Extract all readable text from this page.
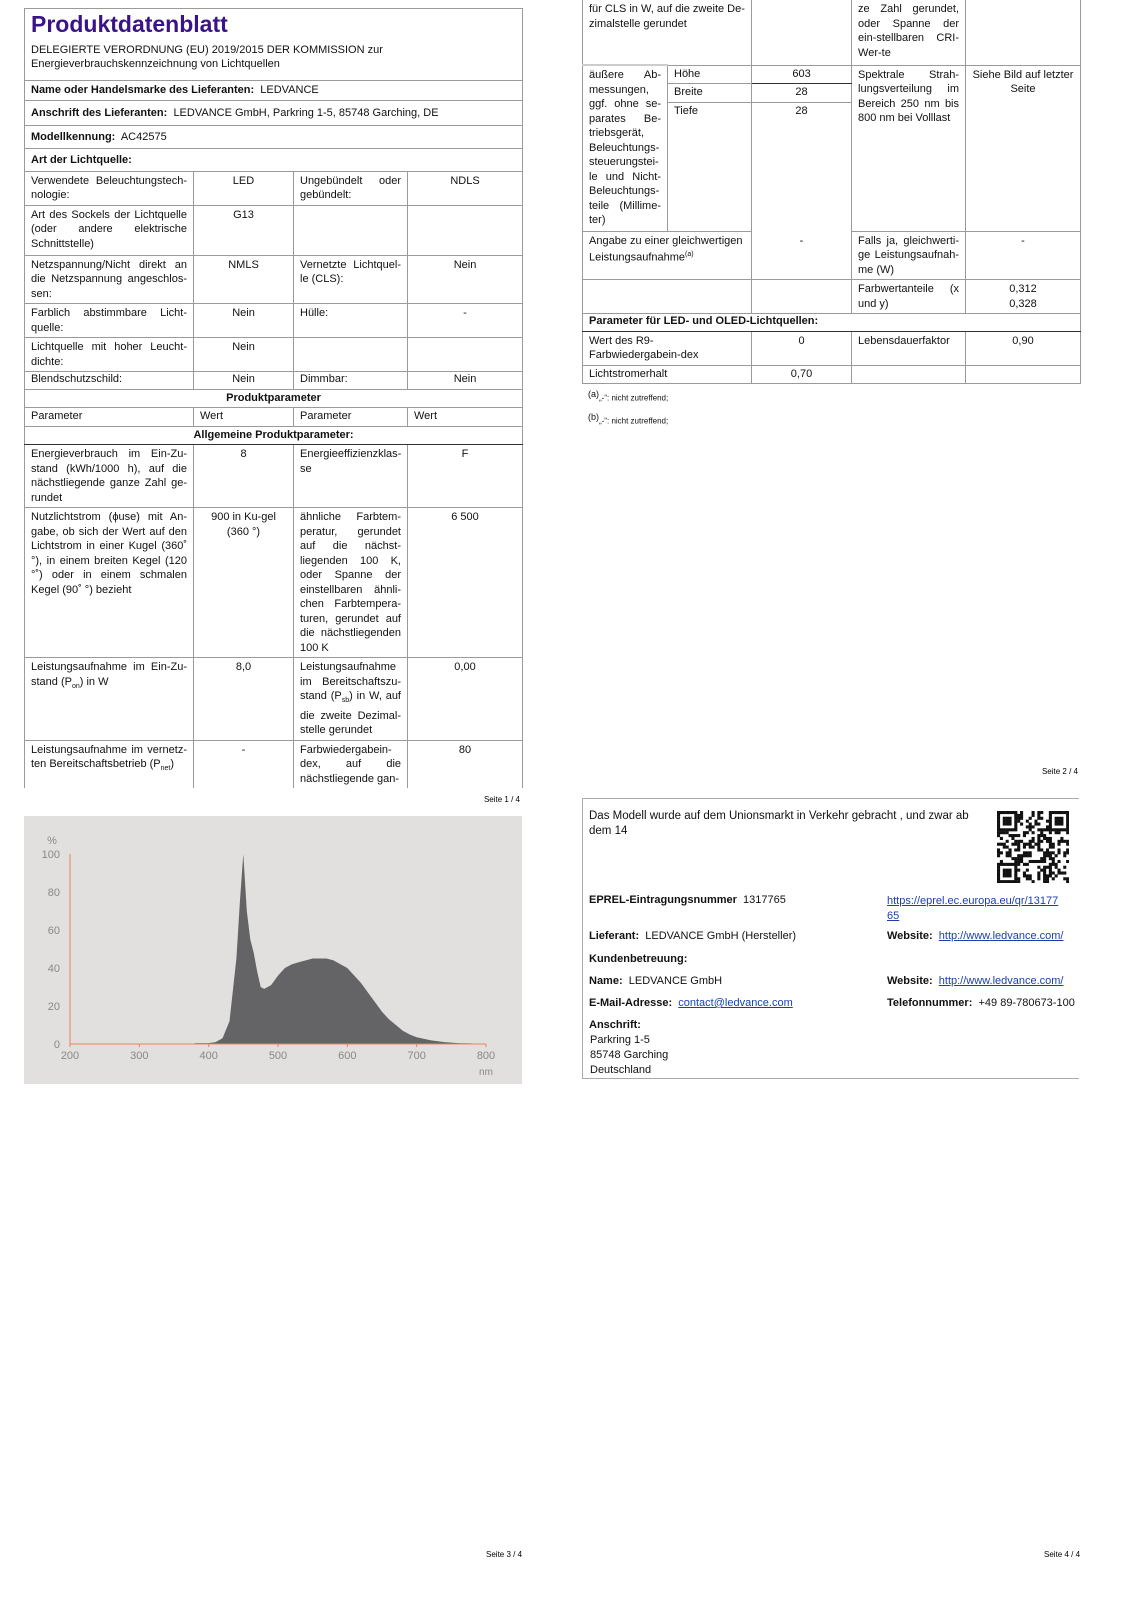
Produktdatenblatt			

DELEGIERTE VERORDNUNG (EU) 2019/2015 DER KOMMISSION zur Energieverbrauchskennzeichnung von Lichtquellen			
Name oder Handelsmarke des Lieferanten: LEDVANCE			
Anschrift des Lieferanten: LEDVANCE GmbH, Parkring 1-5, 85748 Garching, DE			
Modellkennung: AC42575			
Art der Lichtquelle:			
Verwendete Beleuchtungstech-nologie:	LED	Ungebündelt oder gebündelt:	NDLS
Art des Sockels der Lichtquelle (oder andere elektrische Schnittstelle)	G13		
Netzspannung/Nicht direkt an die Netzspannung angeschlos-sen:	NMLS	Vernetzte Lichtquel-le (CLS):	Nein
Farblich abstimmbare Licht-quelle:	Nein	Hülle:	-
Lichtquelle mit hoher Leucht-dichte:	Nein		
Blendschutzschild:	Nein	Dimmbar:	Nein
Produktparameter			
Parameter	Wert	Parameter	Wert
Allgemeine Produktparameter:			
Energieverbrauch im Ein-Zu-stand (kWh/1000 h), auf die nächstliegende ganze Zahl ge-rundet	8	Energieeffizienzklas-se	F
Nutzlichtstrom (ϕuse) mit An-gabe, ob sich der Wert auf den Lichtstrom in einer Kugel (360˚ °), in einem breiten Kegel (120 °˚) oder in einem schmalen Kegel (90˚ °) bezieht	900 in Ku-gel (360 °)	ähnliche Farbtem-peratur, gerundet auf die nächst-liegenden 100 K, oder Spanne der einstellbaren ähnli-chen Farbtempera-turen, gerundet auf die nächstliegenden 100 K	6 500
Leistungsaufnahme im Ein-Zu-stand $(P_{on})$ in W	8,0	Leistungsaufnahme im Bereitschaftszu-stand $(P_{sb})$ in W, auf die zweite Dezimal-stelle gerundet	0,00
Leistungsaufnahme im vernetz-ten Bereitschaftsbetrieb $(P_{net})$	-	Farbwiedergabein-dex, auf die nächstliegende gan-	80
Seite 1 / 4
200	300	400	500	600	700	800
0
20
40
60
80
100
%
nm
Seite 3 / 4
für CLS in W, auf die zweite De-zimalstelle gerundet			ze Zahl gerundet, oder Spanne der ein-stellbaren CRI-Wer-te	
äußere Ab-messungen, ggf. ohne se-parates Be-triebsgerät, Beleuchtungs-steuerungstei-le und Nicht-Beleuchtungs-teile (Millime-ter)	Höhe	603	Spektrale Strah-lungsverteilung im Bereich 250 nm bis 800 nm bei Volllast	Siehe Bild auf letzter Seite
	Breite	28		
	Tiefe	28		
Angabe zu einer gleichwertigen Leistungsaufnahme$^{(a)}$		-	Falls ja, gleichwerti-ge Leistungsaufnah-me (W)	-
			Farbwertanteile (x und y)	0,312
0,328
Parameter für LED- und OLED-Lichtquellen:				
Wert des R9-Farbwiedergabein-dex		0	Lebensdauerfaktor	0,90
Lichtstromerhalt		0,70		
$^{(a)}$„-“: nicht zutreffend;
$^{(b)}$„-“: nicht zutreffend;
Seite 2 / 4
Das Modell wurde auf dem Unionsmarkt in Verkehr gebracht , und zwar ab dem 14
EPREL-Eintragungsnummer 1317765	https://eprel.ec.europa.eu/qr/1317765
Lieferant: LEDVANCE GmbH (Hersteller)	Website: http://www.ledvance.com/
Kundenbetreuung:
Name: LEDVANCE GmbH	Website: http://www.ledvance.com/
E-Mail-Adresse: contact@ledvance.com	Telefonnummer: +49 89-780673-100
Anschrift:
Parkring 1-5
85748 Garching
Deutschland
Seite 4 / 4
